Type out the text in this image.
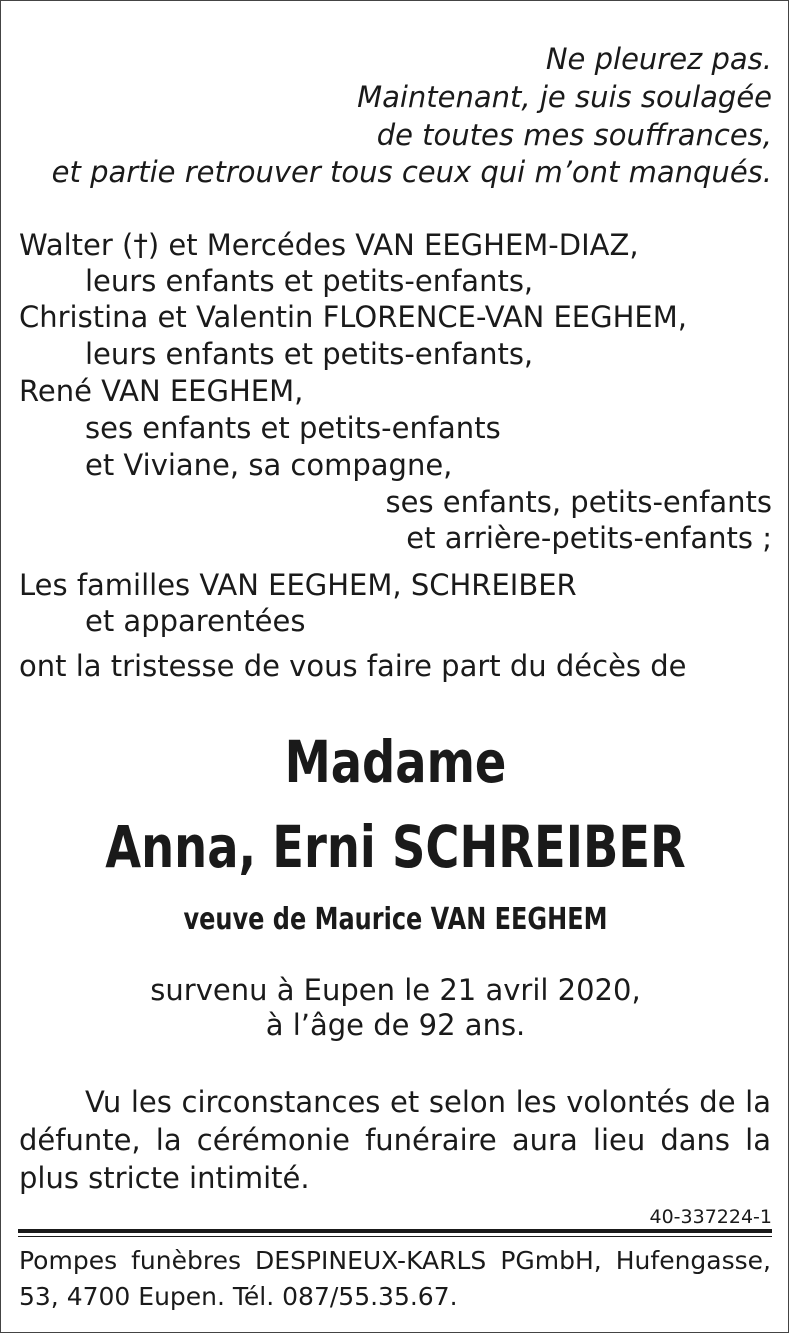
Ne pleurez pas.
Maintenant, je suis soulagée
de toutes mes souffrances,
et partie retrouver tous ceux qui m’ont manqués.
Walter (†) et Mercédes VAN EEGHEM-DIAZ,
leurs enfants et petits-enfants,
Christina et Valentin FLORENCE-VAN EEGHEM,
leurs enfants et petits-enfants,
René VAN EEGHEM,
ses enfants et petits-enfants
et Viviane, sa compagne,
ses enfants, petits-enfants
et arrière-petits-enfants ;
Les familles VAN EEGHEM, SCHREIBER
et apparentées
ont la tristesse de vous faire part du décès de
Madame
Anna, Erni SCHREIBER
veuve de Maurice VAN EEGHEM
survenu à Eupen le 21 avril 2020,
à l’âge de 92 ans.
Vu les circonstances et selon les volontés de la défunte, la cérémonie funéraire aura lieu dans la plus stricte intimité.
40-337224-1
Pompes funèbres DESPINEUX-KARLS PGmbH, Hufengasse, 53, 4700 Eupen. Tél. 087/55.35.67.
